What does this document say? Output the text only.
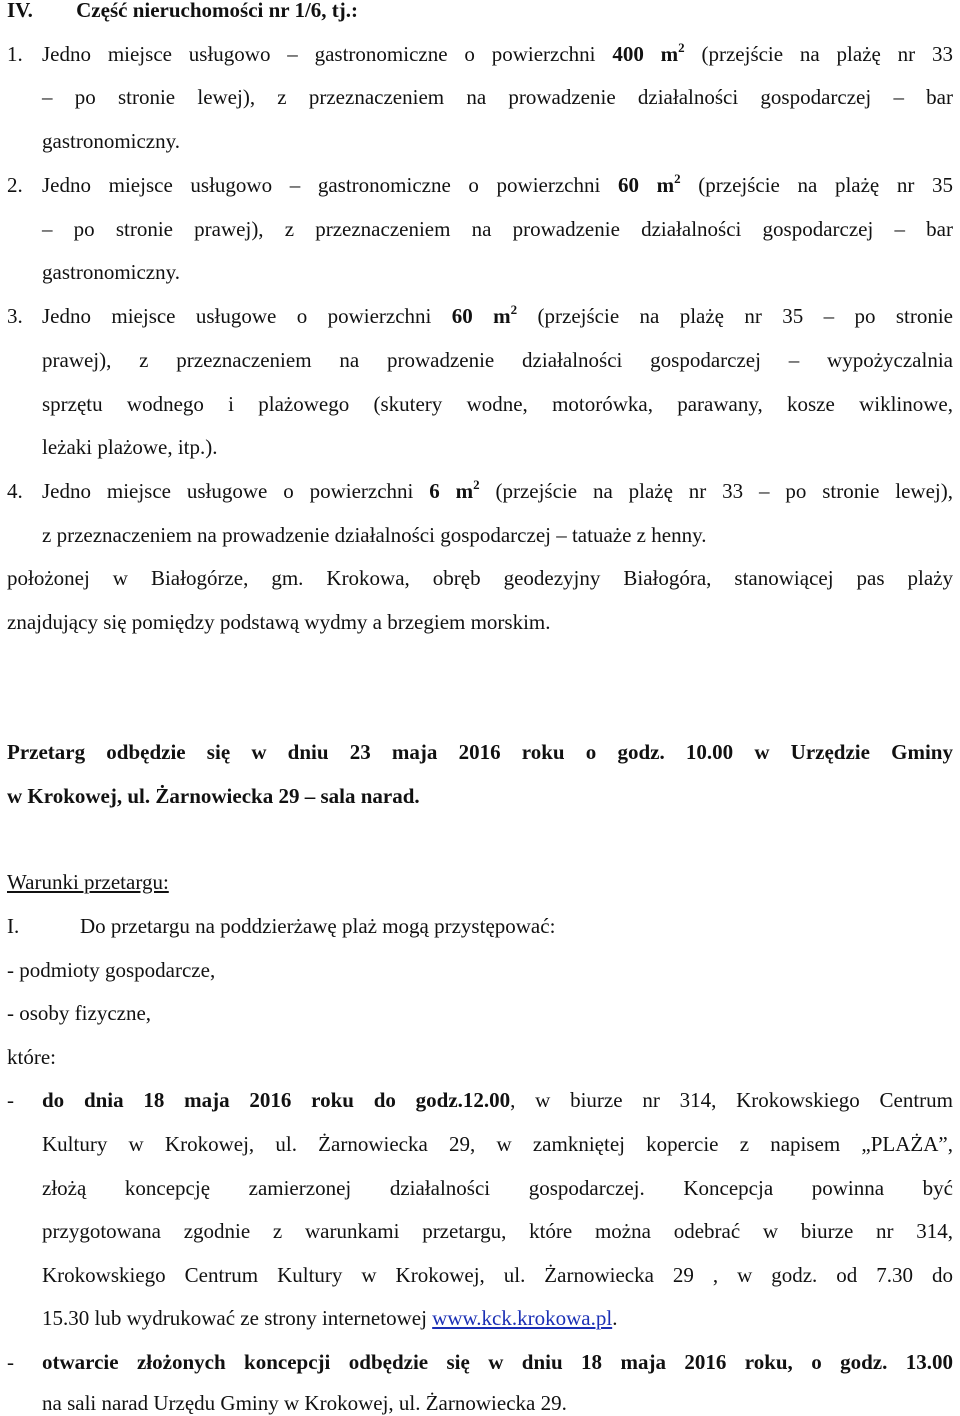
IV. Część nieruchomości nr 1/6, tj.:
1. Jedno miejsce usługowo – gastronomiczne o powierzchni 400 $m^2$ (przejście na plażę nr 33
– po stronie lewej), z przeznaczeniem na prowadzenie działalności gospodarczej – bar
gastronomiczny.
2. Jedno miejsce usługowo – gastronomiczne o powierzchni 60 $m^2$ (przejście na plażę nr 35
– po stronie prawej), z przeznaczeniem na prowadzenie działalności gospodarczej – bar
gastronomiczny.
3. Jedno miejsce usługowe o powierzchni 60 $m^2$ (przejście na plażę nr 35 – po stronie
prawej), z przeznaczeniem na prowadzenie działalności gospodarczej – wypożyczalnia
sprzętu wodnego i plażowego (skutery wodne, motorówka, parawany, kosze wiklinowe,
leżaki plażowe, itp.).
4. Jedno miejsce usługowe o powierzchni 6 $m^2$ (przejście na plażę nr 33 – po stronie lewej),
z przeznaczeniem na prowadzenie działalności gospodarczej – tatuaże z henny.
położonej w Białogórze, gm. Krokowa, obręb geodezyjny Białogóra, stanowiącej pas plaży
znajdujący się pomiędzy podstawą wydmy a brzegiem morskim.
Przetarg odbędzie się w dniu 23 maja 2016 roku o godz. 10.00 w Urzędzie Gminy
w Krokowej, ul. Żarnowiecka 29 – sala narad.
Warunki przetargu:
I.	Do przetargu na poddzierżawę plaż mogą przystępować:
- podmioty gospodarcze,
- osoby fizyczne,
które:
- do dnia 18 maja 2016 roku do godz.12.00, w biurze nr 314, Krokowskiego Centrum
Kultury w Krokowej, ul. Żarnowiecka 29, w zamkniętej kopercie z napisem „PLAŻA”,
złożą koncepcję zamierzonej działalności gospodarczej. Koncepcja powinna być
przygotowana zgodnie z warunkami przetargu, które można odebrać w biurze nr 314,
Krokowskiego Centrum Kultury w Krokowej, ul. Żarnowiecka 29 , w godz. od 7.30 do
15.30 lub wydrukować ze strony internetowej www.kck.krokowa.pl.
- otwarcie złożonych koncepcji odbędzie się w dniu 18 maja 2016 roku, o godz. 13.00
na sali narad Urzędu Gminy w Krokowej, ul. Żarnowiecka 29.
